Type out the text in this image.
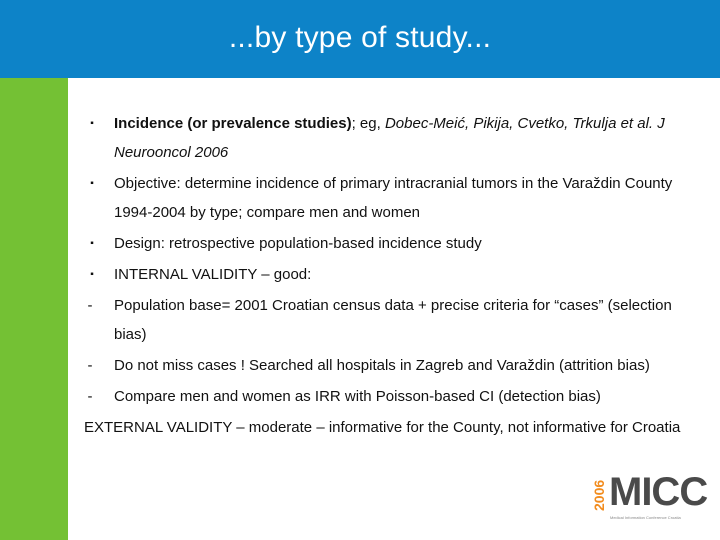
...by type of study...
▪ Incidence (or prevalence studies); eg, Dobec-Meić, Pikija, Cvetko, Trkulja et al. J Neurooncol 2006
▪ Objective: determine incidence of primary intracranial tumors in the Varaždin County 1994-2004 by type; compare men and women
▪ Design: retrospective population-based incidence study
▪ INTERNAL VALIDITY – good:
- Population base= 2001 Croatian census data + precise criteria for “cases” (selection bias)
- Do not miss cases ! Searched all hospitals in Zagreb and Varaždin (attrition bias)
- Compare men and women as IRR with Poisson-based CI (detection bias)
EXTERNAL VALIDITY – moderate – informative for the County, not informative for Croatia
2006 MICC
Medical Information Conference Croatia
